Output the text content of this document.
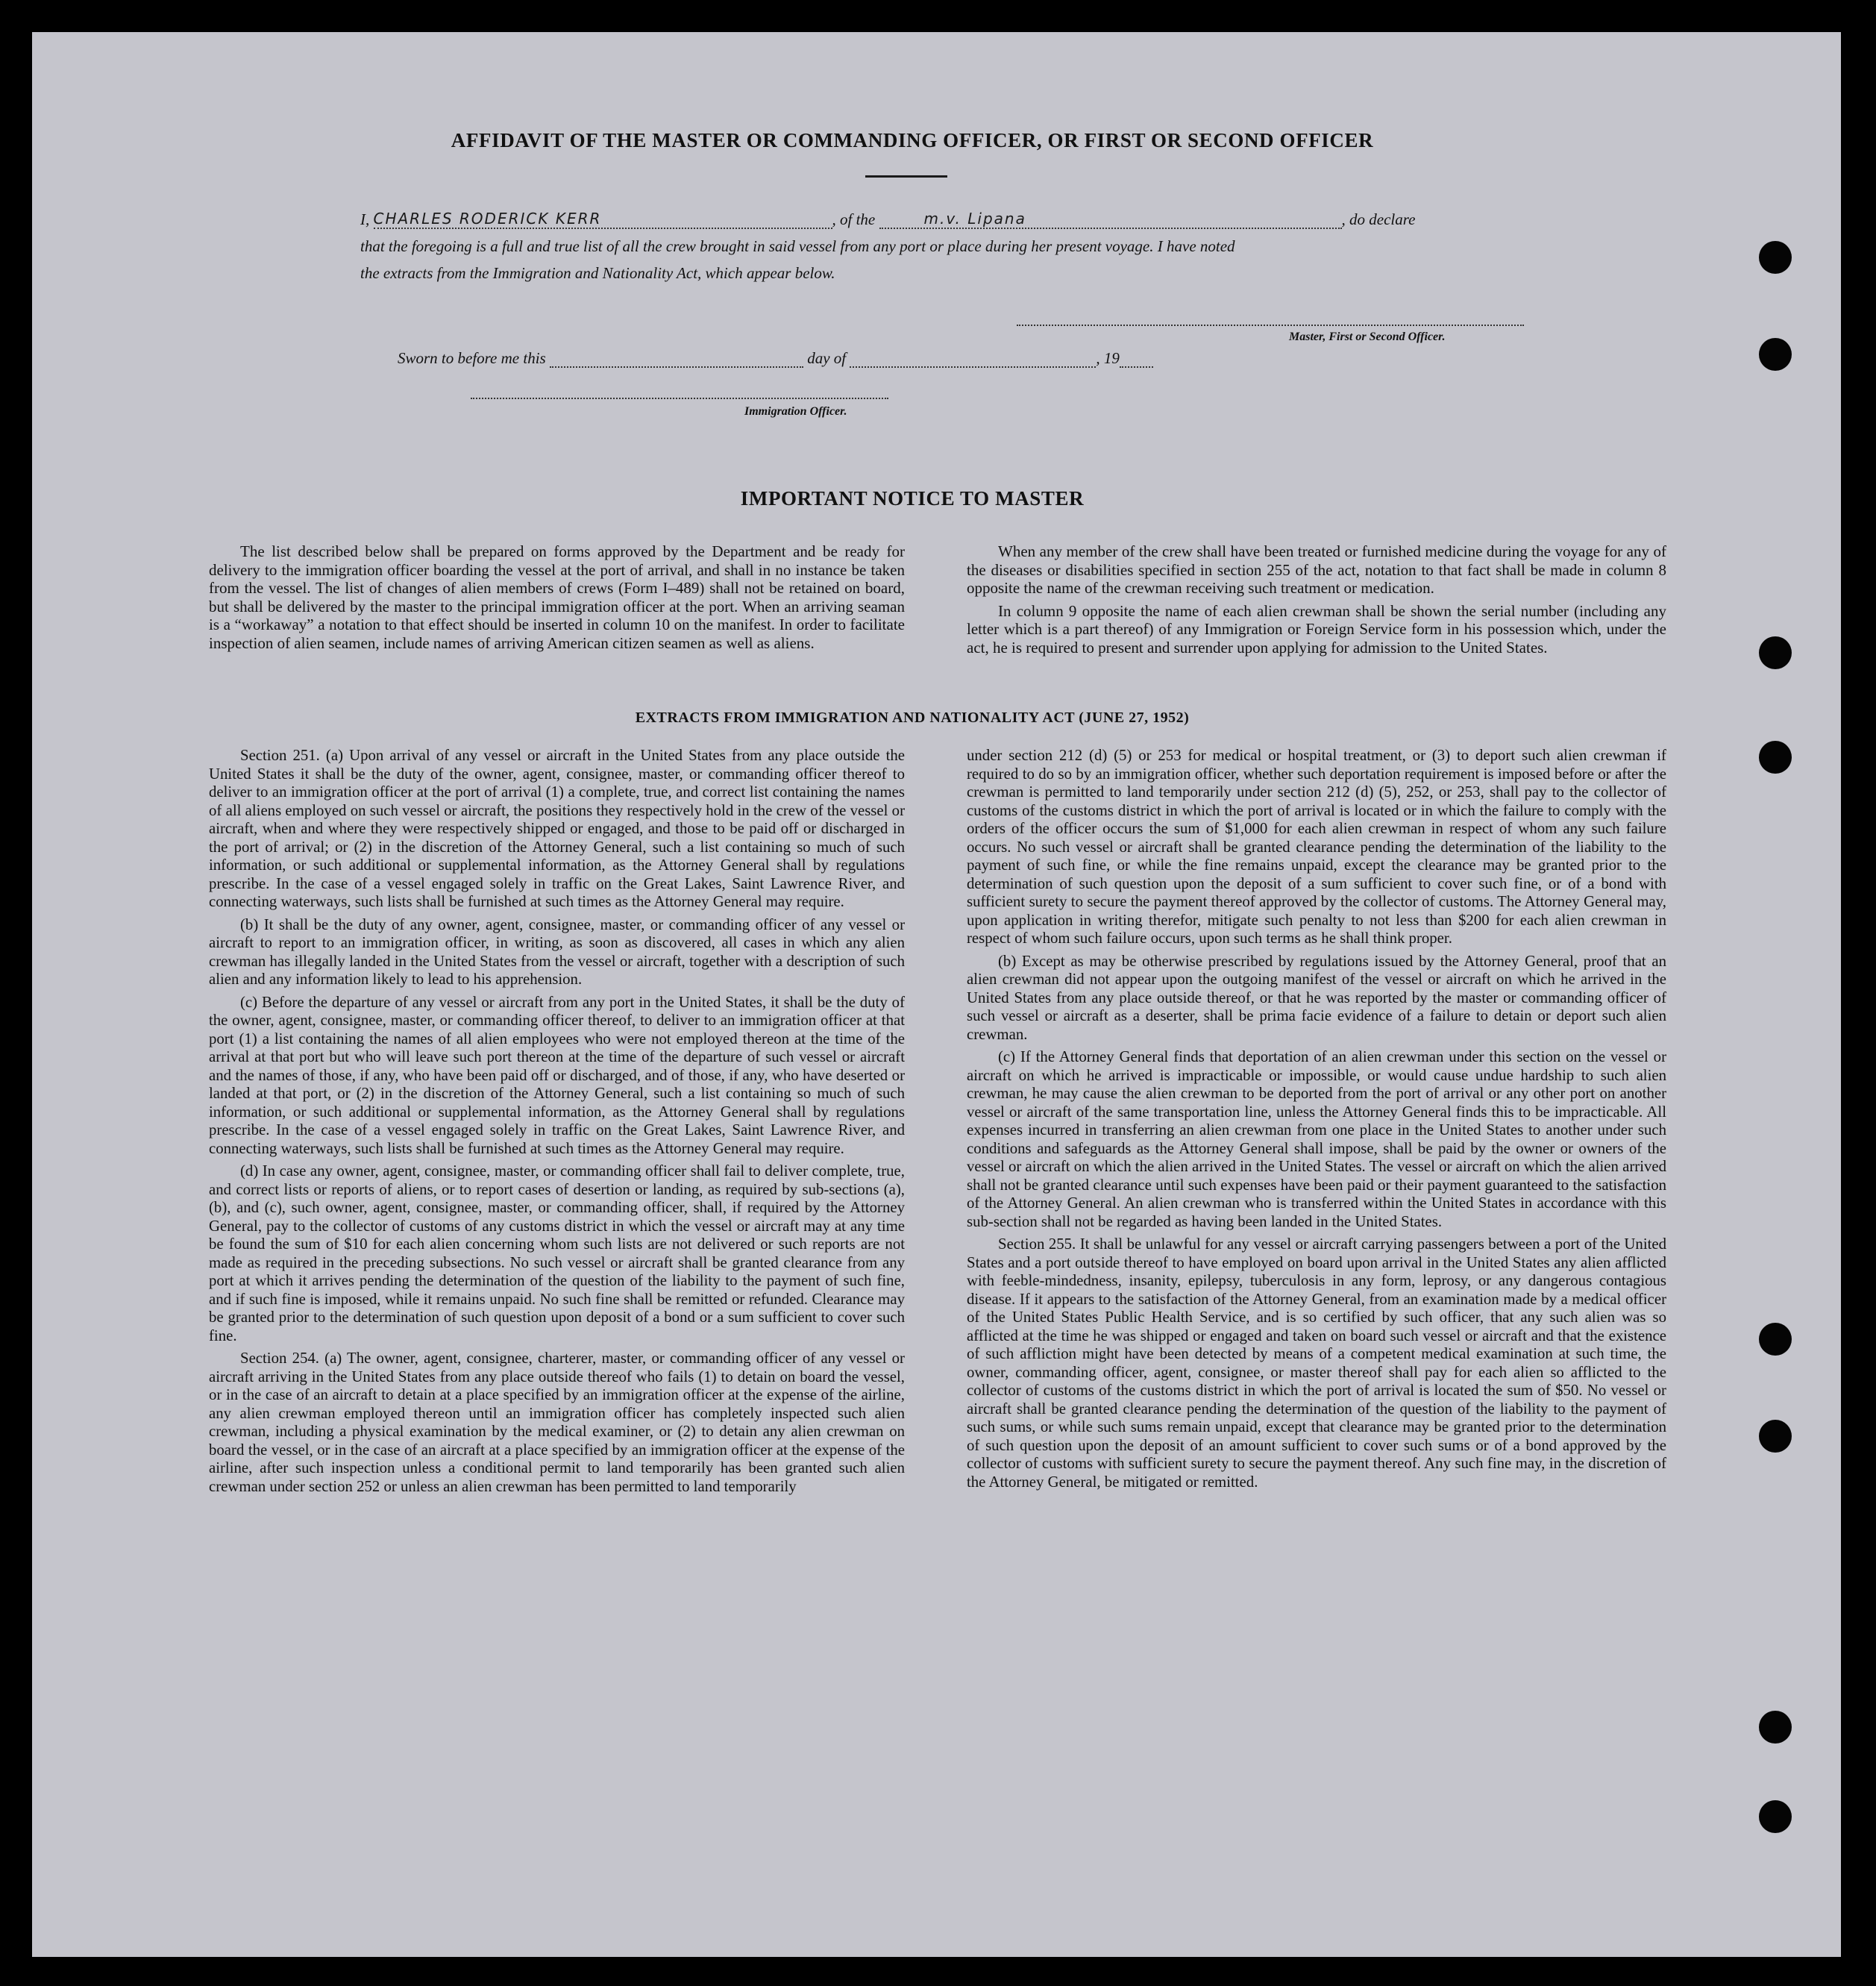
AFFIDAVIT OF THE MASTER OR COMMANDING OFFICER, OR FIRST OR SECOND OFFICER
I, CHARLES RODERICK KERR	, of the	m.v. Lipana	, do declare
that the foregoing is a full and true list of all the crew brought in said vessel from any port or place during her present voyage. I have noted
the extracts from the Immigration and Nationality Act, which appear below.
Master, First or Second Officer.
Sworn to before me this	day of	, 19
Immigration Officer.
IMPORTANT NOTICE TO MASTER

The list described below shall be prepared on forms approved by the Department and be ready for delivery to the immigration officer boarding the vessel at the port of arrival, and shall in no instance be taken from the vessel. The list of changes of alien members of crews (Form I–489) shall not be retained on board, but shall be delivered by the master to the principal immigration officer at the port. When an arriving seaman is a “workaway” a notation to that effect should be inserted in column 10 on the manifest. In order to facilitate inspection of alien seamen, include names of arriving American citizen seamen as well as aliens.

When any member of the crew shall have been treated or furnished medicine during the voyage for any of the diseases or disabilities specified in section 255 of the act, notation to that fact shall be made in column 8 opposite the name of the crewman receiving such treatment or medication.

In column 9 opposite the name of each alien crewman shall be shown the serial number (including any letter which is a part thereof) of any Immigration or Foreign Service form in his possession which, under the act, he is required to present and surrender upon applying for admission to the United States.

EXTRACTS FROM IMMIGRATION AND NATIONALITY ACT (JUNE 27, 1952)

Section 251. (a) Upon arrival of any vessel or aircraft in the United States from any place outside the United States it shall be the duty of the owner, agent, consignee, master, or commanding officer thereof to deliver to an immigration officer at the port of arrival (1) a complete, true, and correct list containing the names of all aliens employed on such vessel or aircraft, the positions they respectively hold in the crew of the vessel or aircraft, when and where they were respectively shipped or engaged, and those to be paid off or discharged in the port of arrival; or (2) in the discretion of the Attorney General, such a list containing so much of such information, or such additional or supplemental information, as the Attorney General shall by regulations prescribe. In the case of a vessel engaged solely in traffic on the Great Lakes, Saint Lawrence River, and connecting waterways, such lists shall be furnished at such times as the Attorney General may require.

(b) It shall be the duty of any owner, agent, consignee, master, or commanding officer of any vessel or aircraft to report to an immigration officer, in writing, as soon as discovered, all cases in which any alien crewman has illegally landed in the United States from the vessel or aircraft, together with a description of such alien and any information likely to lead to his apprehension.

(c) Before the departure of any vessel or aircraft from any port in the United States, it shall be the duty of the owner, agent, consignee, master, or commanding officer thereof, to deliver to an immigration officer at that port (1) a list containing the names of all alien employees who were not employed thereon at the time of the arrival at that port but who will leave such port thereon at the time of the departure of such vessel or aircraft and the names of those, if any, who have been paid off or discharged, and of those, if any, who have deserted or landed at that port, or (2) in the discretion of the Attorney General, such a list containing so much of such information, or such additional or supplemental information, as the Attorney General shall by regulations prescribe. In the case of a vessel engaged solely in traffic on the Great Lakes, Saint Lawrence River, and connecting waterways, such lists shall be furnished at such times as the Attorney General may require.

(d) In case any owner, agent, consignee, master, or commanding officer shall fail to deliver complete, true, and correct lists or reports of aliens, or to report cases of desertion or landing, as required by sub-sections (a), (b), and (c), such owner, agent, consignee, master, or commanding officer, shall, if required by the Attorney General, pay to the collector of customs of any customs district in which the vessel or aircraft may at any time be found the sum of $10 for each alien concerning whom such lists are not delivered or such reports are not made as required in the preceding subsections. No such vessel or aircraft shall be granted clearance from any port at which it arrives pending the determination of the question of the liability to the payment of such fine, and if such fine is imposed, while it remains unpaid. No such fine shall be remitted or refunded. Clearance may be granted prior to the determination of such question upon deposit of a bond or a sum sufficient to cover such fine.

Section 254. (a) The owner, agent, consignee, charterer, master, or commanding officer of any vessel or aircraft arriving in the United States from any place outside thereof who fails (1) to detain on board the vessel, or in the case of an aircraft to detain at a place specified by an immigration officer at the expense of the airline, any alien crewman employed thereon until an immigration officer has completely inspected such alien crewman, including a physical examination by the medical examiner, or (2) to detain any alien crewman on board the vessel, or in the case of an aircraft at a place specified by an immigration officer at the expense of the airline, after such inspection unless a conditional permit to land temporarily has been granted such alien crewman under section 252 or unless an alien crewman has been permitted to land temporarily

under section 212 (d) (5) or 253 for medical or hospital treatment, or (3) to deport such alien crewman if required to do so by an immigration officer, whether such deportation requirement is imposed before or after the crewman is permitted to land temporarily under section 212 (d) (5), 252, or 253, shall pay to the collector of customs of the customs district in which the port of arrival is located or in which the failure to comply with the orders of the officer occurs the sum of $1,000 for each alien crewman in respect of whom any such failure occurs. No such vessel or aircraft shall be granted clearance pending the determination of the liability to the payment of such fine, or while the fine remains unpaid, except the clearance may be granted prior to the determination of such question upon the deposit of a sum sufficient to cover such fine, or of a bond with sufficient surety to secure the payment thereof approved by the collector of customs. The Attorney General may, upon application in writing therefor, mitigate such penalty to not less than $200 for each alien crewman in respect of whom such failure occurs, upon such terms as he shall think proper.

(b) Except as may be otherwise prescribed by regulations issued by the Attorney General, proof that an alien crewman did not appear upon the outgoing manifest of the vessel or aircraft on which he arrived in the United States from any place outside thereof, or that he was reported by the master or commanding officer of such vessel or aircraft as a deserter, shall be prima facie evidence of a failure to detain or deport such alien crewman.

(c) If the Attorney General finds that deportation of an alien crewman under this section on the vessel or aircraft on which he arrived is impracticable or impossible, or would cause undue hardship to such alien crewman, he may cause the alien crewman to be deported from the port of arrival or any other port on another vessel or aircraft of the same transportation line, unless the Attorney General finds this to be impracticable. All expenses incurred in transferring an alien crewman from one place in the United States to another under such conditions and safeguards as the Attorney General shall impose, shall be paid by the owner or owners of the vessel or aircraft on which the alien arrived in the United States. The vessel or aircraft on which the alien arrived shall not be granted clearance until such expenses have been paid or their payment guaranteed to the satisfaction of the Attorney General. An alien crewman who is transferred within the United States in accordance with this sub-section shall not be regarded as having been landed in the United States.

Section 255. It shall be unlawful for any vessel or aircraft carrying passengers between a port of the United States and a port outside thereof to have employed on board upon arrival in the United States any alien afflicted with feeble-mindedness, insanity, epilepsy, tuberculosis in any form, leprosy, or any dangerous contagious disease. If it appears to the satisfaction of the Attorney General, from an examination made by a medical officer of the United States Public Health Service, and is so certified by such officer, that any such alien was so afflicted at the time he was shipped or engaged and taken on board such vessel or aircraft and that the existence of such affliction might have been detected by means of a competent medical examination at such time, the owner, commanding officer, agent, consignee, or master thereof shall pay for each alien so afflicted to the collector of customs of the customs district in which the port of arrival is located the sum of $50. No vessel or aircraft shall be granted clearance pending the determination of the question of the liability to the payment of such sums, or while such sums remain unpaid, except that clearance may be granted prior to the determination of such question upon the deposit of an amount sufficient to cover such sums or of a bond approved by the collector of customs with sufficient surety to secure the payment thereof. Any such fine may, in the discretion of the Attorney General, be mitigated or remitted.
